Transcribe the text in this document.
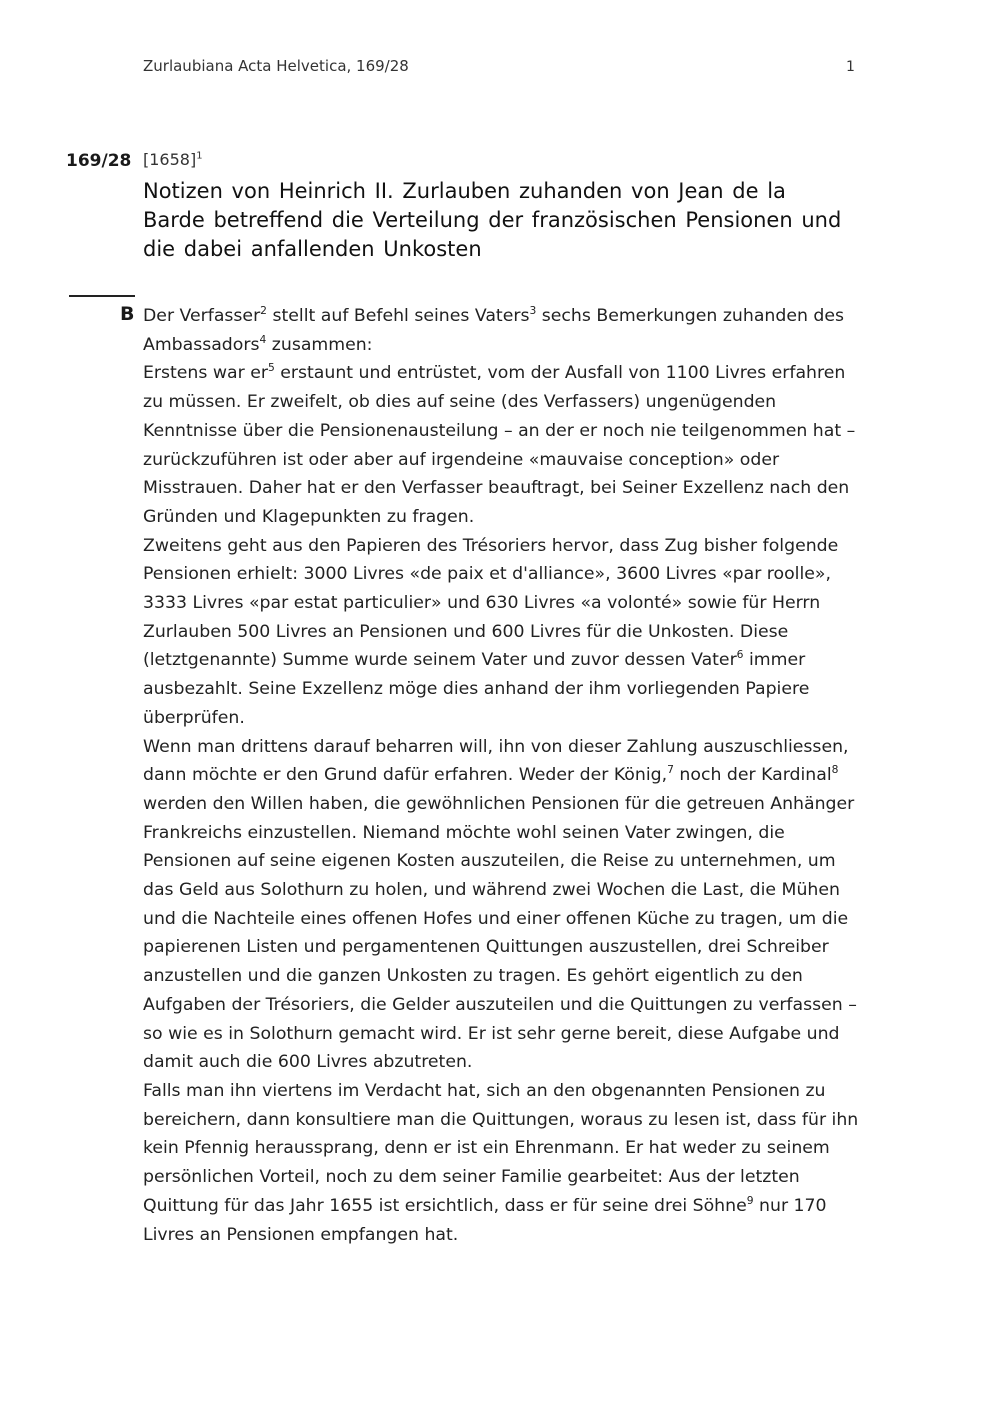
Zurlaubiana Acta Helvetica, 169/28	1
169/28 $[1658]^1$
Notizen von Heinrich II. Zurlauben zuhanden von Jean de la Barde betreffend die Verteilung der französischen Pensionen und die dabei anfallenden Unkosten
B Der Verfasser$^2$ stellt auf Befehl seines Vaters$^3$ sechs Bemerkungen zuhanden des Ambassadors$^4$ zusammen:

Erstens war $er^5$ erstaunt und entrüstet, vom der Ausfall von 1100 Livres erfahren zu müssen. Er zweifelt, ob dies auf seine (des Verfassers) ungenügenden Kenntnisse über die Pensionenausteilung – an der er noch nie teilgenommen hat – zurückzuführen ist oder aber auf irgendeine «mauvaise conception» oder Misstrauen. Daher hat er den Verfasser beauftragt, bei Seiner Exzellenz nach den Gründen und Klagepunkten zu fragen.

Zweitens geht aus den Papieren des Trésoriers hervor, dass Zug bisher folgende Pensionen erhielt: 3000 Livres «de paix et d'alliance», 3600 Livres «par roolle», 3333 Livres «par estat particulier» und 630 Livres «a volonté» sowie für Herrn Zurlauben 500 Livres an Pensionen und 600 Livres für die Unkosten. Diese (letztgenannte) Summe wurde seinem Vater und zuvor dessen Vater$^6$ immer ausbezahlt. Seine Exzellenz möge dies anhand der ihm vorliegenden Papiere überprüfen.

Wenn man drittens darauf beharren will, ihn von dieser Zahlung auszuschliessen, dann möchte er den Grund dafür erfahren. Weder der König,$^7$ noch der Kardinal$^8$ werden den Willen haben, die gewöhnlichen Pensionen für die getreuen Anhänger Frankreichs einzustellen. Niemand möchte wohl seinen Vater zwingen, die Pensionen auf seine eigenen Kosten auszuteilen, die Reise zu unternehmen, um das Geld aus Solothurn zu holen, und während zwei Wochen die Last, die Mühen und die Nachteile eines offenen Hofes und einer offenen Küche zu tragen, um die papierenen Listen und pergamentenen Quittungen auszustellen, drei Schreiber anzustellen und die ganzen Unkosten zu tragen. Es gehört eigentlich zu den Aufgaben der Trésoriers, die Gelder auszuteilen und die Quittungen zu verfassen – so wie es in Solothurn gemacht wird. Er ist sehr gerne bereit, diese Aufgabe und damit auch die 600 Livres abzutreten.

Falls man ihn viertens im Verdacht hat, sich an den obgenannten Pensionen zu bereichern, dann konsultiere man die Quittungen, woraus zu lesen ist, dass für ihn kein Pfennig heraussprang, denn er ist ein Ehrenmann. Er hat weder zu seinem persönlichen Vorteil, noch zu dem seiner Familie gearbeitet: Aus der letzten Quittung für das Jahr 1655 ist ersichtlich, dass er für seine drei Söhne$^9$ nur 170 Livres an Pensionen empfangen hat.
